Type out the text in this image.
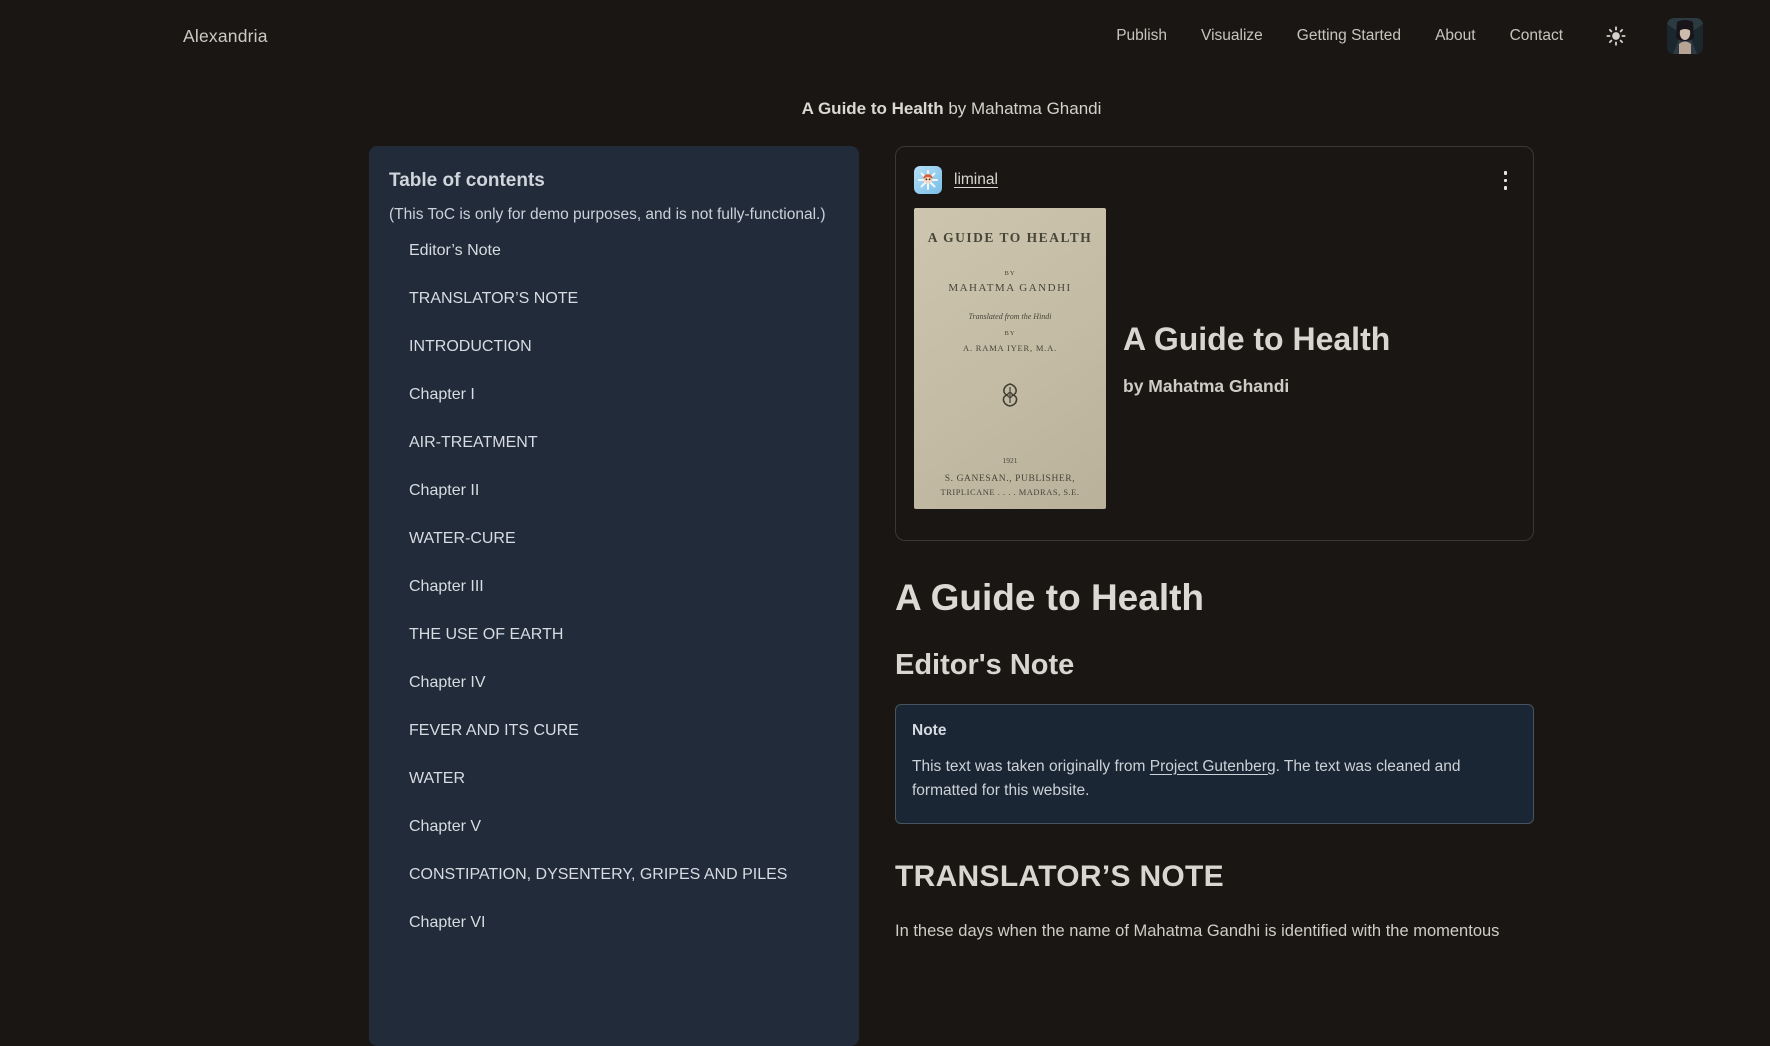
Alexandria	Publish Visualize Getting Started About Contact
A Guide to Health by Mahatma Ghandi
Table of contents
(This ToC is only for demo purposes, and is not fully-functional.)
Editor’s Note
TRANSLATOR’S NOTE
INTRODUCTION
Chapter I
AIR-TREATMENT
Chapter II
WATER-CURE
Chapter III
THE USE OF EARTH
Chapter IV
FEVER AND ITS CURE
WATER
Chapter V
CONSTIPATION, DYSENTERY, GRIPES AND PILES
Chapter VI
liminal
A GUIDE TO HEALTH
BY
MAHATMA GANDHI
Translated from the Hindi
BY
A. RAMA IYER, M.A.
1921
S. GANESAN., PUBLISHER,
TRIPLICANE . . . . MADRAS, S.E.
A Guide to Health
by Mahatma Ghandi
A Guide to Health
Editor's Note
Note

This text was taken originally from Project Gutenberg. The text was cleaned and formatted for this website.

TRANSLATOR’S NOTE

In these days when the name of Mahatma Gandhi is identified with the momentous
